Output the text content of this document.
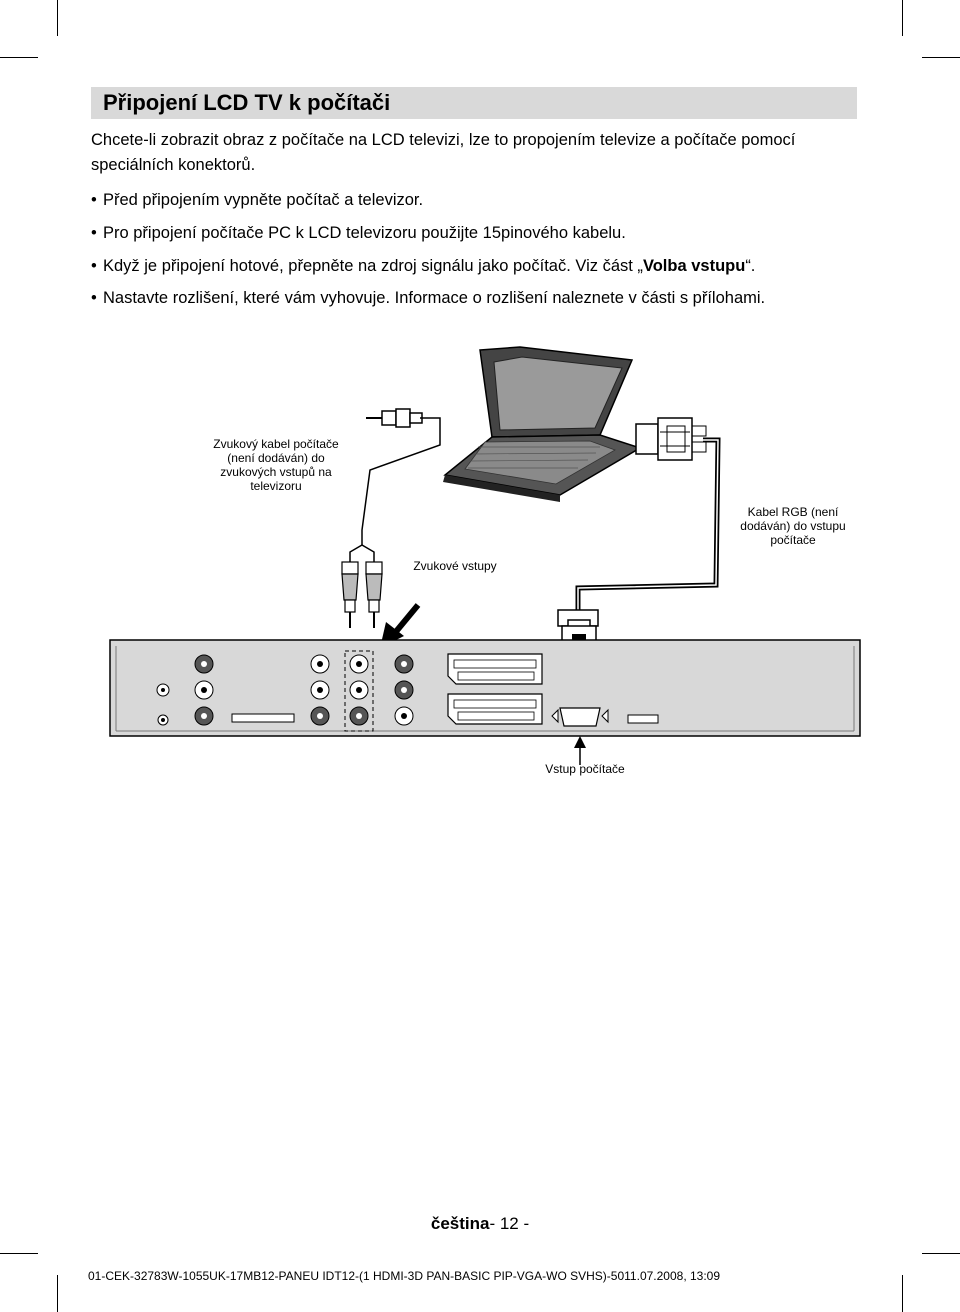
Připojení LCD TV k počítači
Chcete-li zobrazit obraz z počítače na LCD televizi, lze to propojením televize a počítače pomocí speciálních konektorů.
• Před připojením vypněte počítač a televizor.
• Pro připojení počítače PC k LCD televizoru použijte 15pinového kabelu.
• Když je připojení hotové, přepněte na zdroj signálu jako počítač. Viz část „Volba vstupu“.
• Nastavte rozlišení, které vám vyhovuje. Informace o rozlišení naleznete v části s přílohami.
Zvukový kabel počítače (není dodáván) do zvukových vstupů na televizoru
Kabel RGB (není dodáván) do vstupu počítače
Zvukové vstupy
Vstup počítače
čeština- 12 -
01-CEK-32783W-1055UK-17MB12-PANEU IDT12-(1 HDMI-3D PAN-BASIC PIP-VGA-WO SVHS)-5011.07.2008, 13:09
